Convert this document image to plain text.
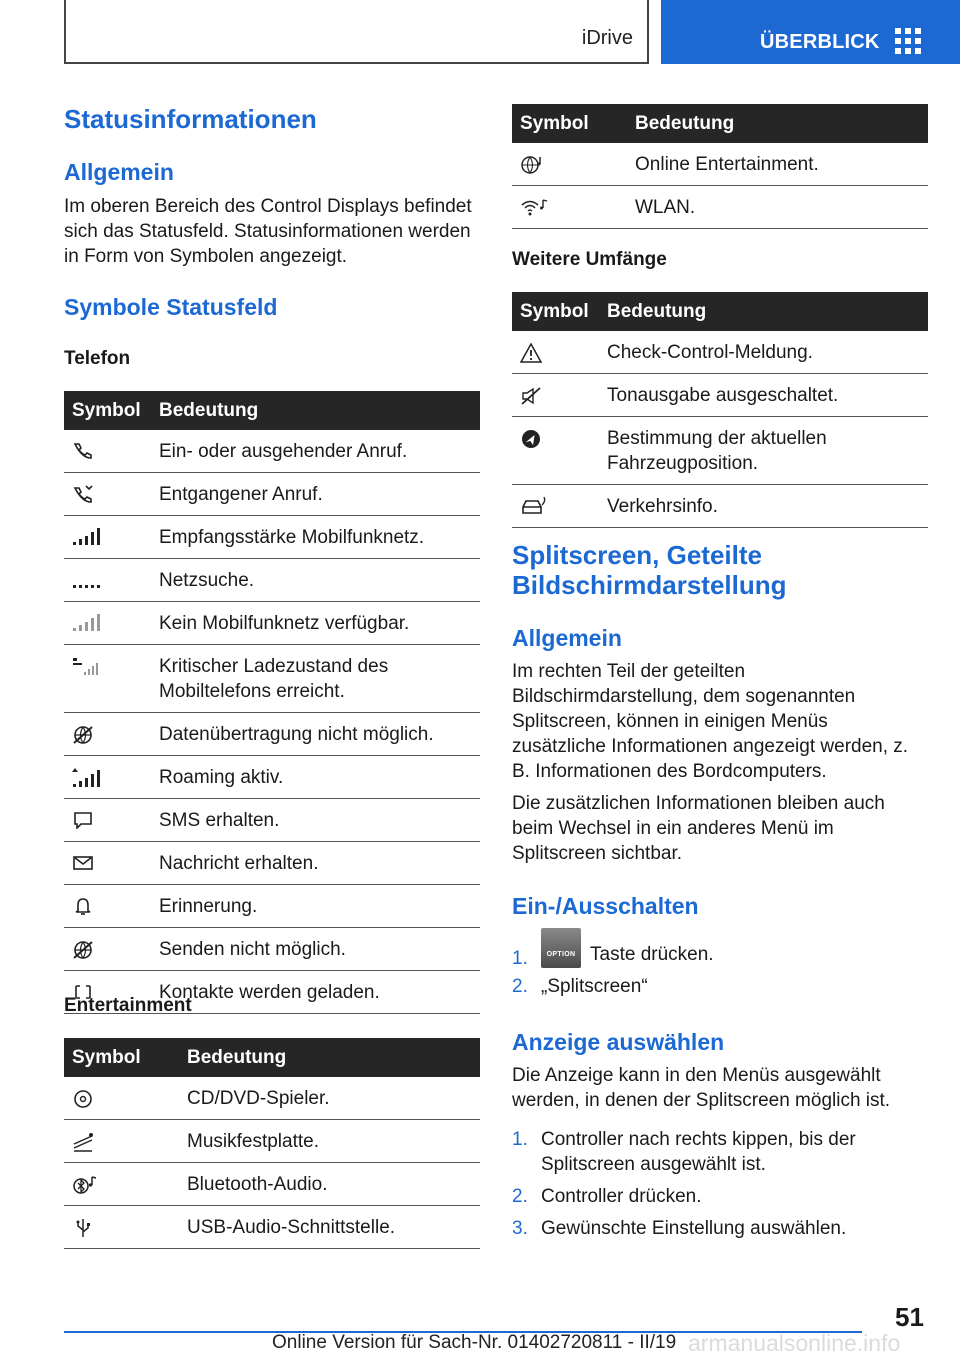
iDrive	ÜBERBLICK
Statusinformationen
Allgemein
Im oberen Bereich des Control Displays befindet sich das Statusfeld. Statusinformationen werden in Form von Symbolen angezeigt.
Symbole Statusfeld
Telefon
Symbol	Bedeutung

	Ein- oder ausgehender Anruf.

	Entgangener Anruf.

	Empfangsstärke Mobilfunknetz.

	Netzsuche.

	Kein Mobilfunknetz verfügbar.

	Kritischer Ladezustand des Mobiltelefons erreicht.

	Datenübertragung nicht möglich.

	Roaming aktiv.

	SMS erhalten.

	Nachricht erhalten.

	Erinnerung.

	Senden nicht möglich.

	Kontakte werden geladen.
Entertainment
Symbol	Bedeutung

	CD/DVD-Spieler.

	Musikfestplatte.

	Bluetooth-Audio.

	USB-Audio-Schnittstelle.
Symbol	Bedeutung

	Online Entertainment.

	WLAN.
Weitere Umfänge
Symbol	Bedeutung

	Check-Control-Meldung.

	Tonausgabe ausgeschaltet.

	Bestimmung der aktuellen Fahrzeugposition.

	Verkehrsinfo.
Splitscreen, Geteilte Bildschirmdarstellung
Allgemein
Im rechten Teil der geteilten Bildschirmdarstellung, dem sogenannten Splitscreen, können in einigen Menüs zusätzliche Informationen angezeigt werden, z. B. Informationen des Bordcomputers.
Die zusätzlichen Informationen bleiben auch beim Wechsel in ein anderes Menü im Splitscreen sichtbar.
Ein-/Ausschalten
1.	OPTION Taste drücken.
2. „Splitscreen“
Anzeige auswählen
Die Anzeige kann in den Menüs ausgewählt werden, in denen der Splitscreen möglich ist.
1. Controller nach rechts kippen, bis der Splitscreen ausgewählt ist.
2. Controller drücken.
3. Gewünschte Einstellung auswählen.
51
Online Version für Sach-Nr. 01402720811 - II/19 armanualsonline.info
